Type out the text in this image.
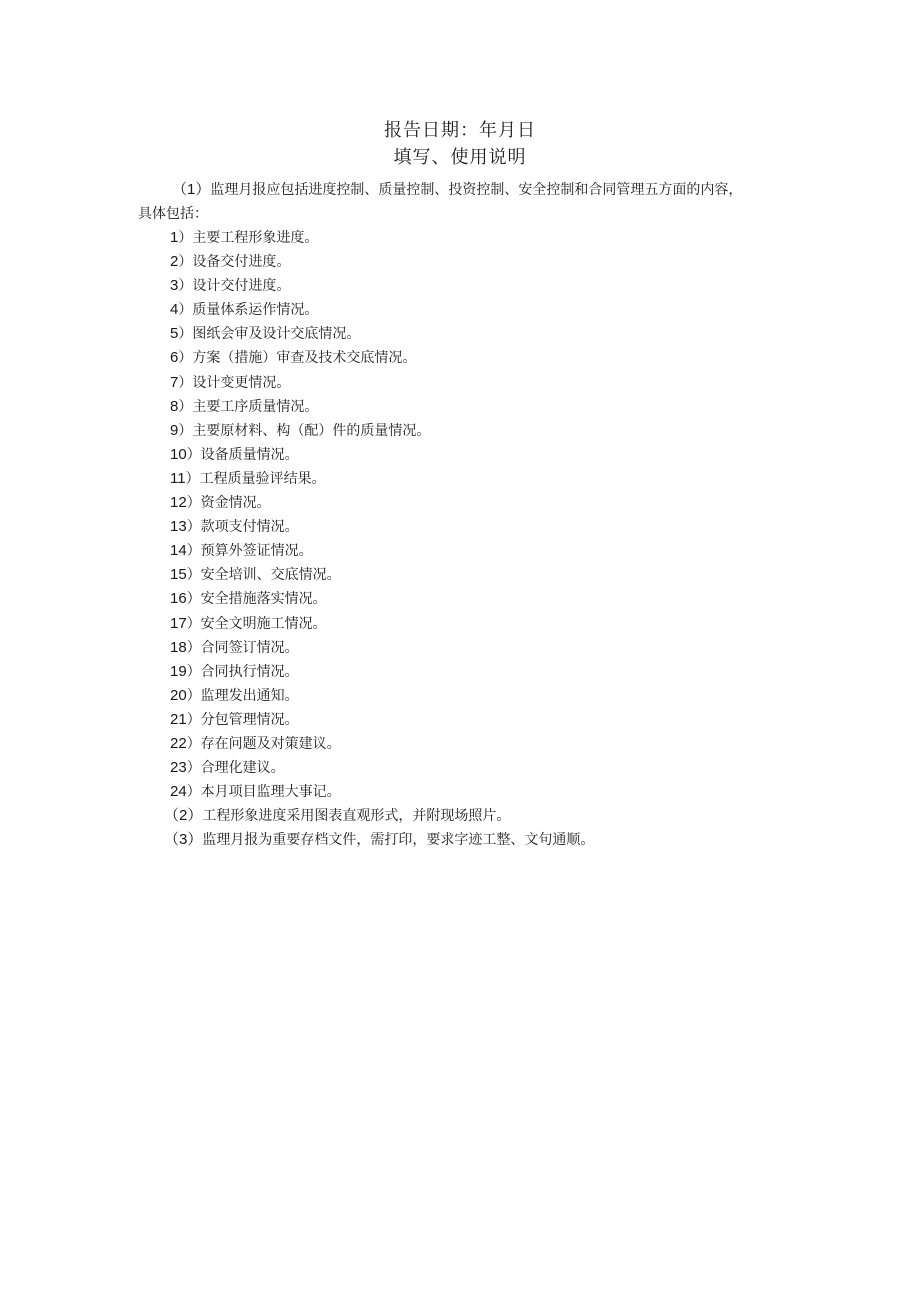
报告日期：年月日
填写、使用说明
（1）监理月报应包括进度控制、质量控制、投资控制、安全控制和合同管理五方面的内容，
具体包括：
1）主要工程形象进度。
2）设备交付进度。
3）设计交付进度。
4）质量体系运作情况。
5）图纸会审及设计交底情况。
6）方案（措施）审查及技术交底情况。
7）设计变更情况。
8）主要工序质量情况。
9）主要原材料、构（配）件的质量情况。
10）设备质量情况。
11）工程质量验评结果。
12）资金情况。
13）款项支付情况。
14）预算外签证情况。
15）安全培训、交底情况。
16）安全措施落实情况。
17）安全文明施工情况。
18）合同签订情况。
19）合同执行情况。
20）监理发出通知。
21）分包管理情况。
22）存在问题及对策建议。
23）合理化建议。
24）本月项目监理大事记。
（2）工程形象进度采用图表直观形式，并附现场照片。
（3）监理月报为重要存档文件，需打印，要求字迹工整、文句通顺。
